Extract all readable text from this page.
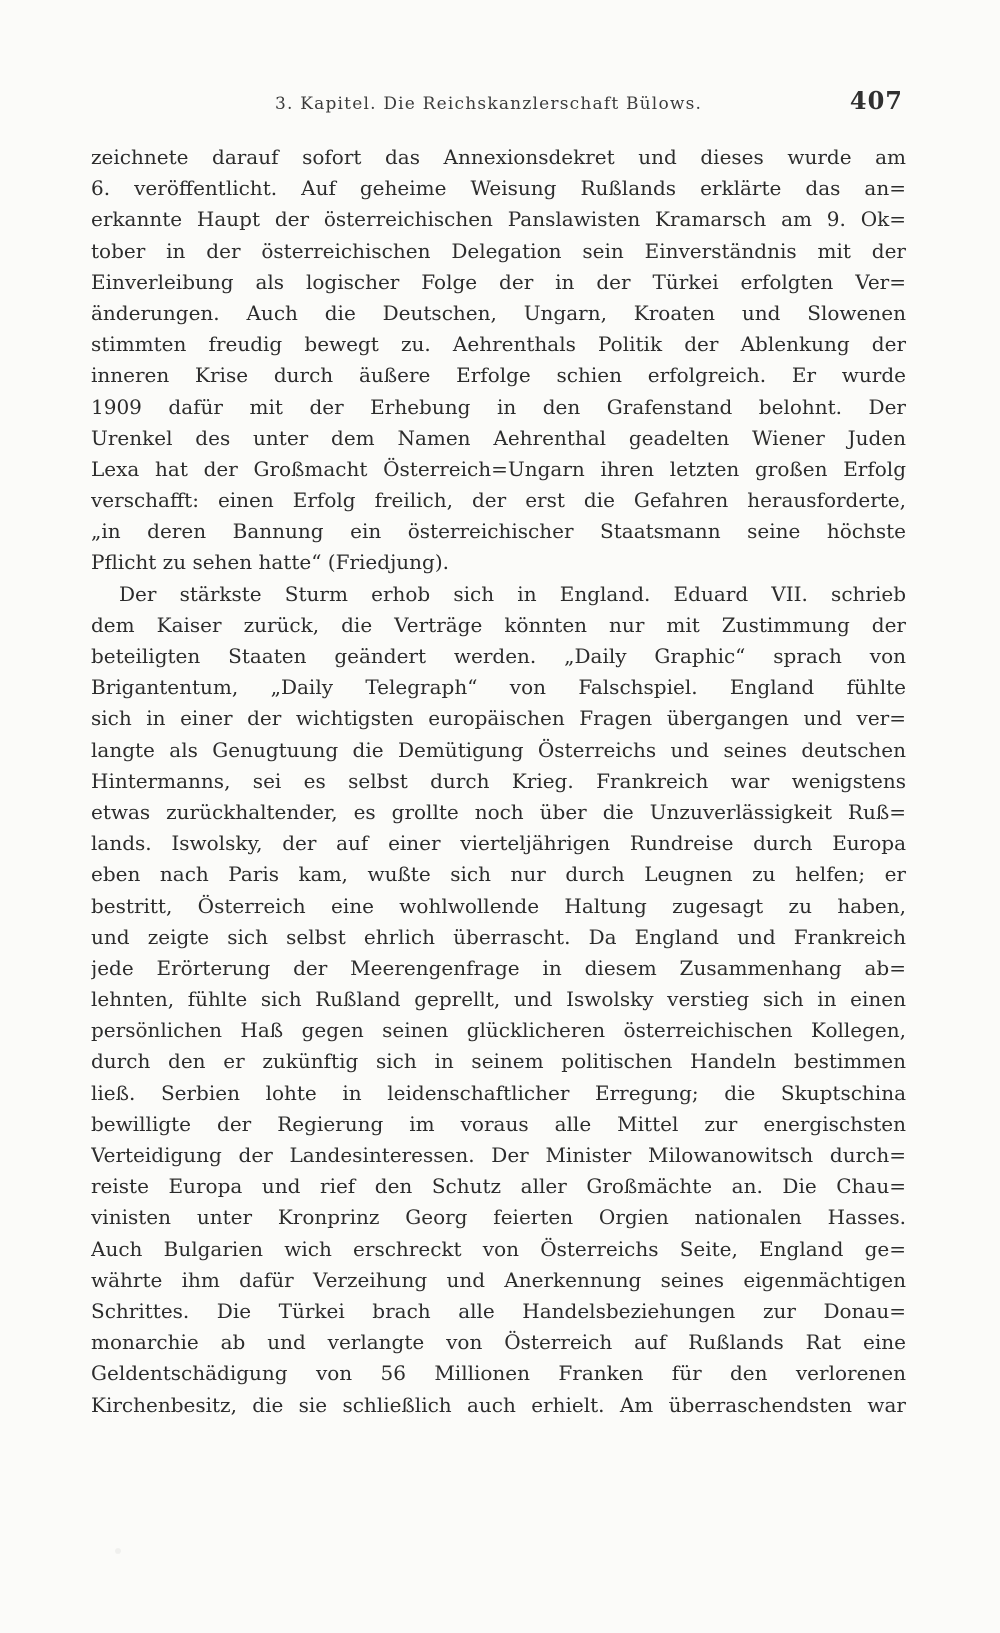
3. Kapitel. Die Reichskanzlerschaft Bülows.	407
zeichnete darauf sofort das Annexionsdekret und dieses wurde am
6. veröffentlicht. Auf geheime Weisung Rußlands erklärte das an=
erkannte Haupt der österreichischen Panslawisten Kramarsch am 9. Ok=
tober in der österreichischen Delegation sein Einverständnis mit der
Einverleibung als logischer Folge der in der Türkei erfolgten Ver=
änderungen. Auch die Deutschen, Ungarn, Kroaten und Slowenen
stimmten freudig bewegt zu. Aehrenthals Politik der Ablenkung der
inneren Krise durch äußere Erfolge schien erfolgreich. Er wurde
1909 dafür mit der Erhebung in den Grafenstand belohnt. Der
Urenkel des unter dem Namen Aehrenthal geadelten Wiener Juden
Lexa hat der Großmacht Österreich=Ungarn ihren letzten großen Erfolg
verschafft: einen Erfolg freilich, der erst die Gefahren herausforderte,
„in deren Bannung ein österreichischer Staatsmann seine höchste
Pflicht zu sehen hatte“ (Friedjung).
Der stärkste Sturm erhob sich in England. Eduard VII. schrieb
dem Kaiser zurück, die Verträge könnten nur mit Zustimmung der
beteiligten Staaten geändert werden. „Daily Graphic“ sprach von
Brigantentum, „Daily Telegraph“ von Falschspiel. England fühlte
sich in einer der wichtigsten europäischen Fragen übergangen und ver=
langte als Genugtuung die Demütigung Österreichs und seines deutschen
Hintermanns, sei es selbst durch Krieg. Frankreich war wenigstens
etwas zurückhaltender, es grollte noch über die Unzuverlässigkeit Ruß=
lands. Iswolsky, der auf einer vierteljährigen Rundreise durch Europa
eben nach Paris kam, wußte sich nur durch Leugnen zu helfen; er
bestritt, Österreich eine wohlwollende Haltung zugesagt zu haben,
und zeigte sich selbst ehrlich überrascht. Da England und Frankreich
jede Erörterung der Meerengenfrage in diesem Zusammenhang ab=
lehnten, fühlte sich Rußland geprellt, und Iswolsky verstieg sich in einen
persönlichen Haß gegen seinen glücklicheren österreichischen Kollegen,
durch den er zukünftig sich in seinem politischen Handeln bestimmen
ließ. Serbien lohte in leidenschaftlicher Erregung; die Skuptschina
bewilligte der Regierung im voraus alle Mittel zur energischsten
Verteidigung der Landesinteressen. Der Minister Milowanowitsch durch=
reiste Europa und rief den Schutz aller Großmächte an. Die Chau=
vinisten unter Kronprinz Georg feierten Orgien nationalen Hasses.
Auch Bulgarien wich erschreckt von Österreichs Seite, England ge=
währte ihm dafür Verzeihung und Anerkennung seines eigenmächtigen
Schrittes. Die Türkei brach alle Handelsbeziehungen zur Donau=
monarchie ab und verlangte von Österreich auf Rußlands Rat eine
Geldentschädigung von 56 Millionen Franken für den verlorenen
Kirchenbesitz, die sie schließlich auch erhielt. Am überraschendsten war
